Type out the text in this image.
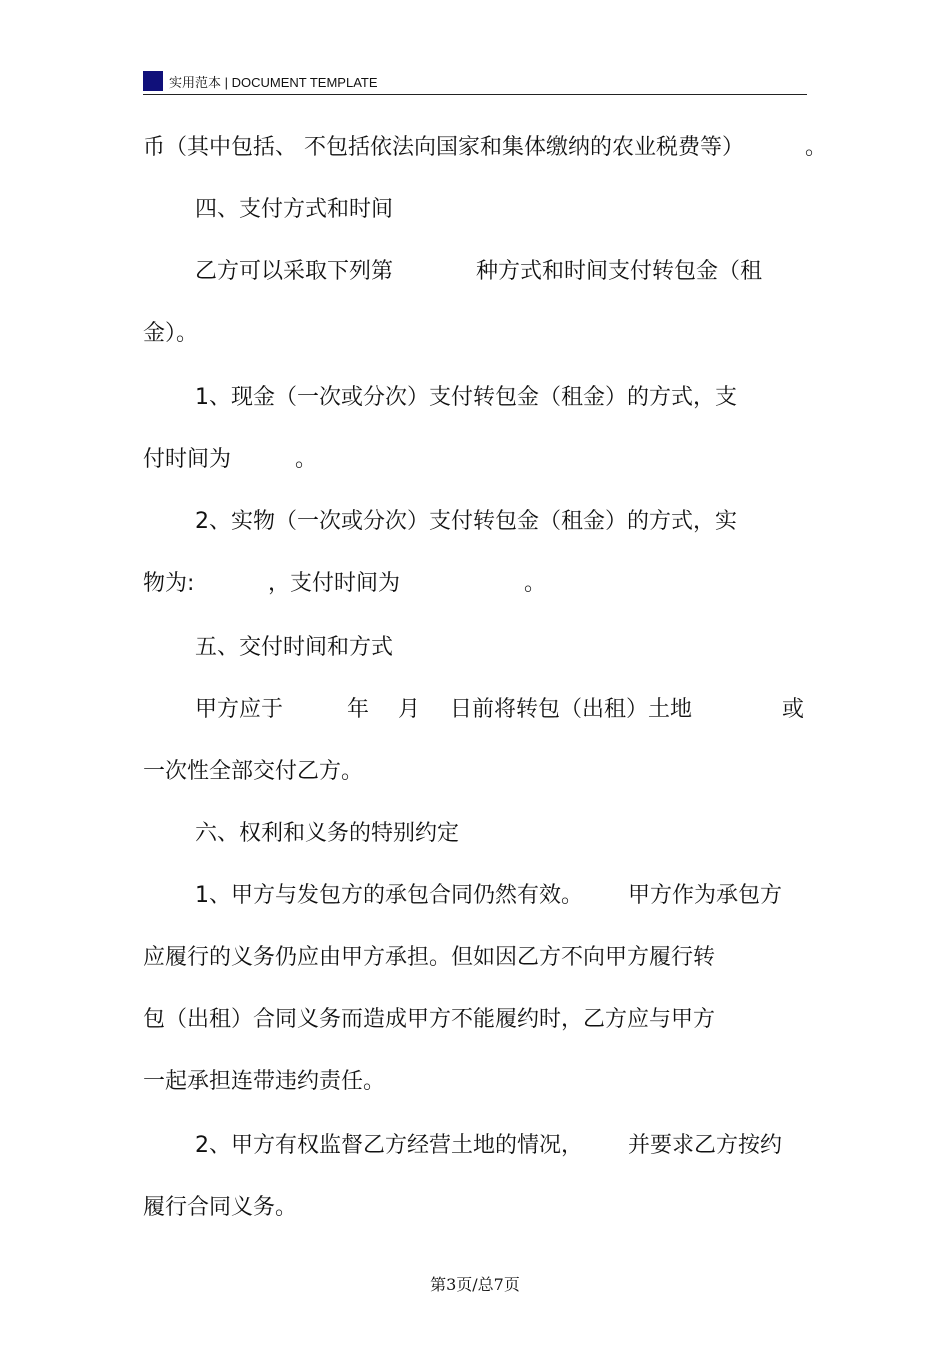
实用范本 | DOCUMENT TEMPLATE
币（其中包括、 不包括依法向国家和集体缴纳的农业税费等）	。
四、支付方式和时间
乙方可以采取下列第	种方式和时间支付转包金（租
金）。
1、现金（一次或分次）支付转包金（租金）的方式，支
付时间为	。
2、实物（一次或分次）支付转包金（租金）的方式，实
物为:	，支付时间为	。
五、交付时间和方式
甲方应于	年 月 日前将转包（出租）土地	或
一次性全部交付乙方。
六、权利和义务的特别约定
1、甲方与发包方的承包合同仍然有效。 甲方作为承包方
应履行的义务仍应由甲方承担。但如因乙方不向甲方履行转
包（出租）合同义务而造成甲方不能履约时，乙方应与甲方
一起承担连带违约责任。
2、甲方有权监督乙方经营土地的情况， 并要求乙方按约
履行合同义务。
第3页/总7页
